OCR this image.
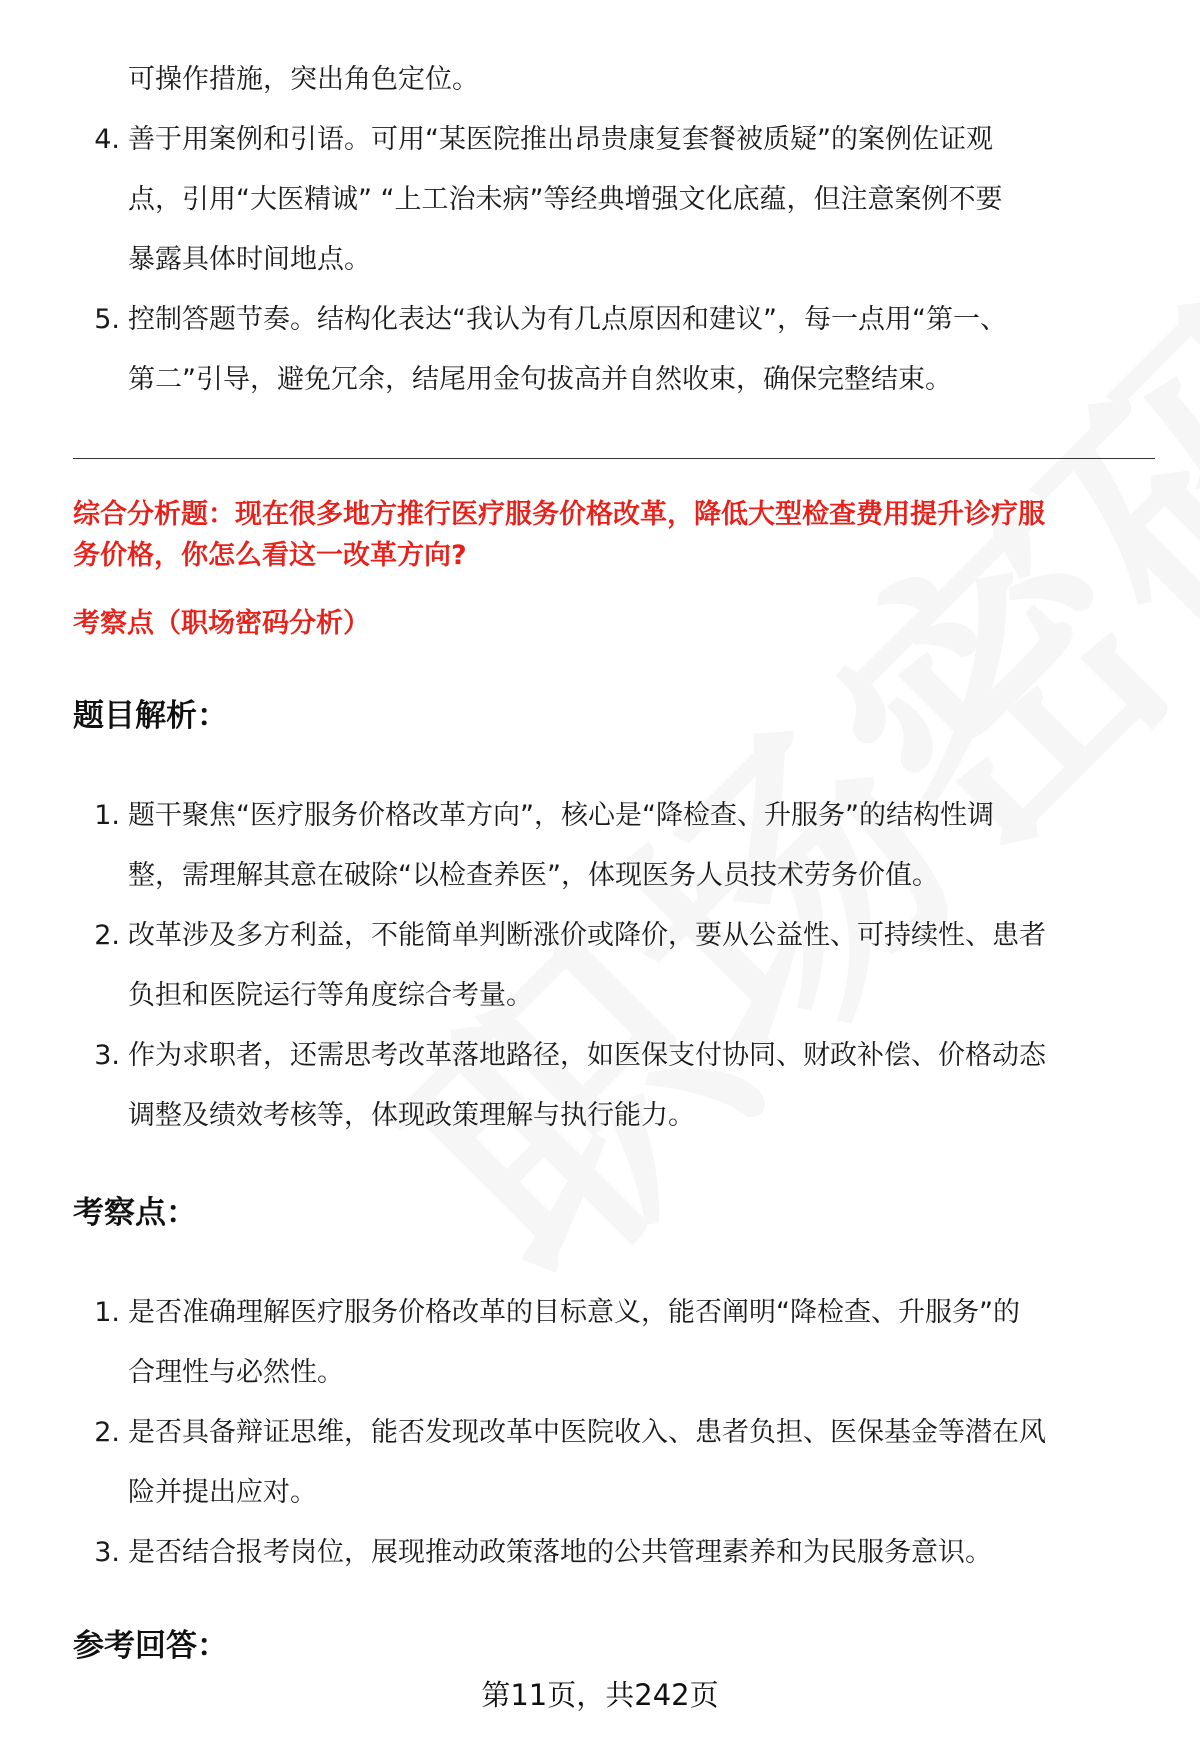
可操作措施，突出角色定位。
4. 善于用案例和引语。可用“某医院推出昂贵康复套餐被质疑”的案例佐证观
点，引用“大医精诚” “上工治未病”等经典增强文化底蕴，但注意案例不要
暴露具体时间地点。
5. 控制答题节奏。结构化表达“我认为有几点原因和建议”，每一点用“第一、
第二”引导，避免冗余，结尾用金句拔高并自然收束，确保完整结束。
综合分析题：现在很多地方推行医疗服务价格改革，降低大型检查费用提升诊疗服
务价格，你怎么看这一改革方向?
考察点（职场密码分析）
题目解析：
1. 题干聚焦“医疗服务价格改革方向”，核心是“降检查、升服务”的结构性调
整，需理解其意在破除“以检查养医”，体现医务人员技术劳务价值。
2. 改革涉及多方利益，不能简单判断涨价或降价，要从公益性、可持续性、患者
负担和医院运行等角度综合考量。
3. 作为求职者，还需思考改革落地路径，如医保支付协同、财政补偿、价格动态
调整及绩效考核等，体现政策理解与执行能力。
考察点：
1. 是否准确理解医疗服务价格改革的目标意义，能否阐明“降检查、升服务”的
合理性与必然性。
2. 是否具备辩证思维，能否发现改革中医院收入、患者负担、医保基金等潜在风
险并提出应对。
3. 是否结合报考岗位，展现推动政策落地的公共管理素养和为民服务意识。
参考回答：
第11页，共242页
